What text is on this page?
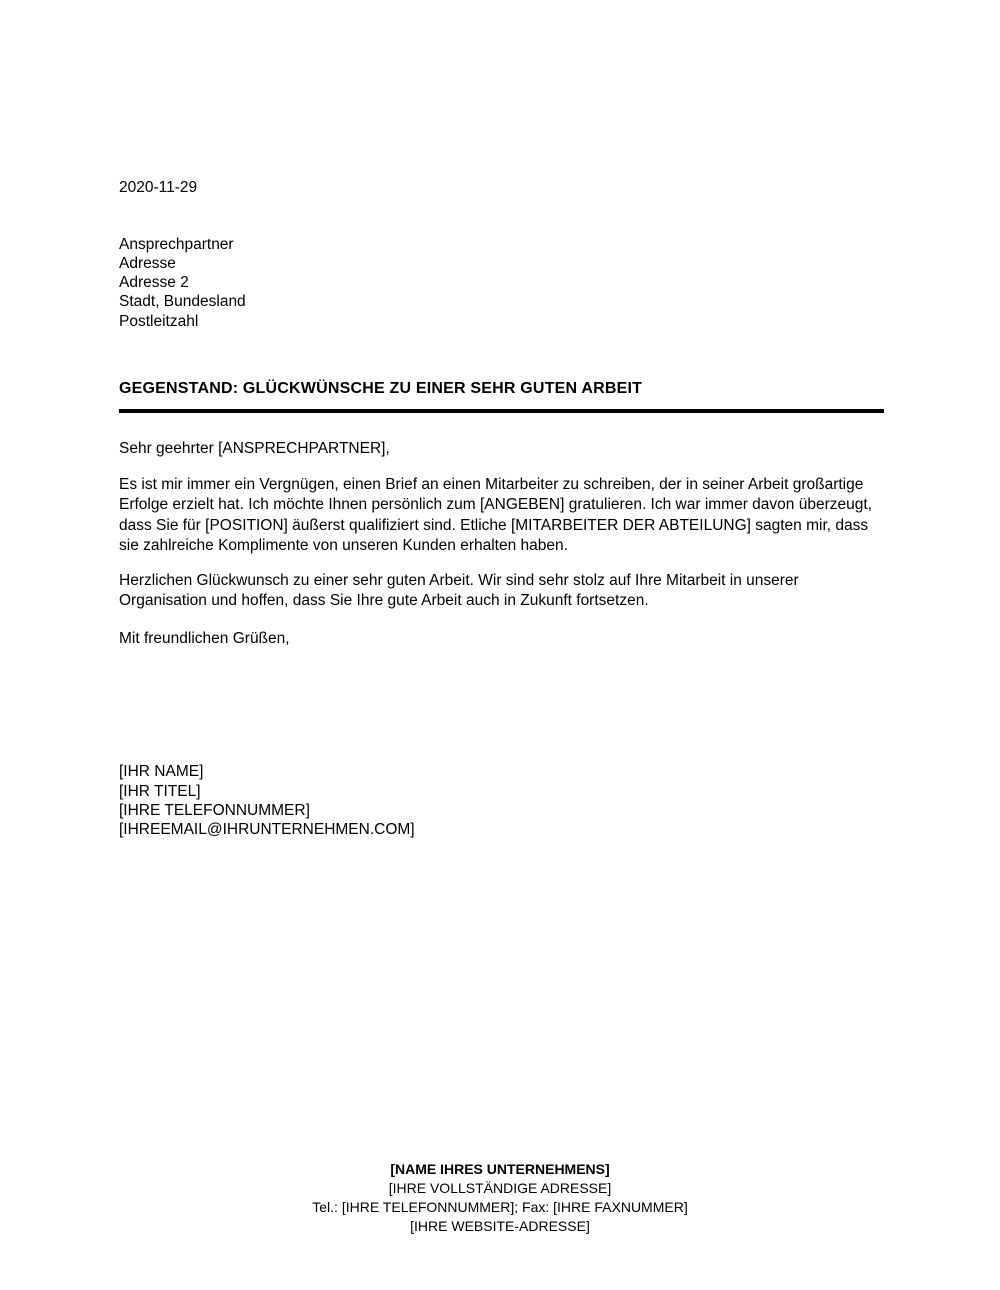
2020-11-29
Ansprechpartner
Adresse
Adresse 2
Stadt, Bundesland
Postleitzahl
GEGENSTAND: GLÜCKWÜNSCHE ZU EINER SEHR GUTEN ARBEIT
Sehr geehrter [ANSPRECHPARTNER],

Es ist mir immer ein Vergnügen, einen Brief an einen Mitarbeiter zu schreiben, der in seiner Arbeit großartige Erfolge erzielt hat. Ich möchte Ihnen persönlich zum [ANGEBEN] gratulieren. Ich war immer davon überzeugt, dass Sie für [POSITION] äußerst qualifiziert sind. Etliche [MITARBEITER DER ABTEILUNG] sagten mir, dass sie zahlreiche Komplimente von unseren Kunden erhalten haben.

Herzlichen Glückwunsch zu einer sehr guten Arbeit. Wir sind sehr stolz auf Ihre Mitarbeit in unserer Organisation und hoffen, dass Sie Ihre gute Arbeit auch in Zukunft fortsetzen.

Mit freundlichen Grüßen,
[IHR NAME]
[IHR TITEL]
[IHRE TELEFONNUMMER]
[IHREEMAIL@IHRUNTERNEHMEN.COM]
[NAME IHRES UNTERNEHMENS]
[IHRE VOLLSTÄNDIGE ADRESSE]
Tel.: [IHRE TELEFONNUMMER]; Fax: [IHRE FAXNUMMER]
[IHRE WEBSITE-ADRESSE]
